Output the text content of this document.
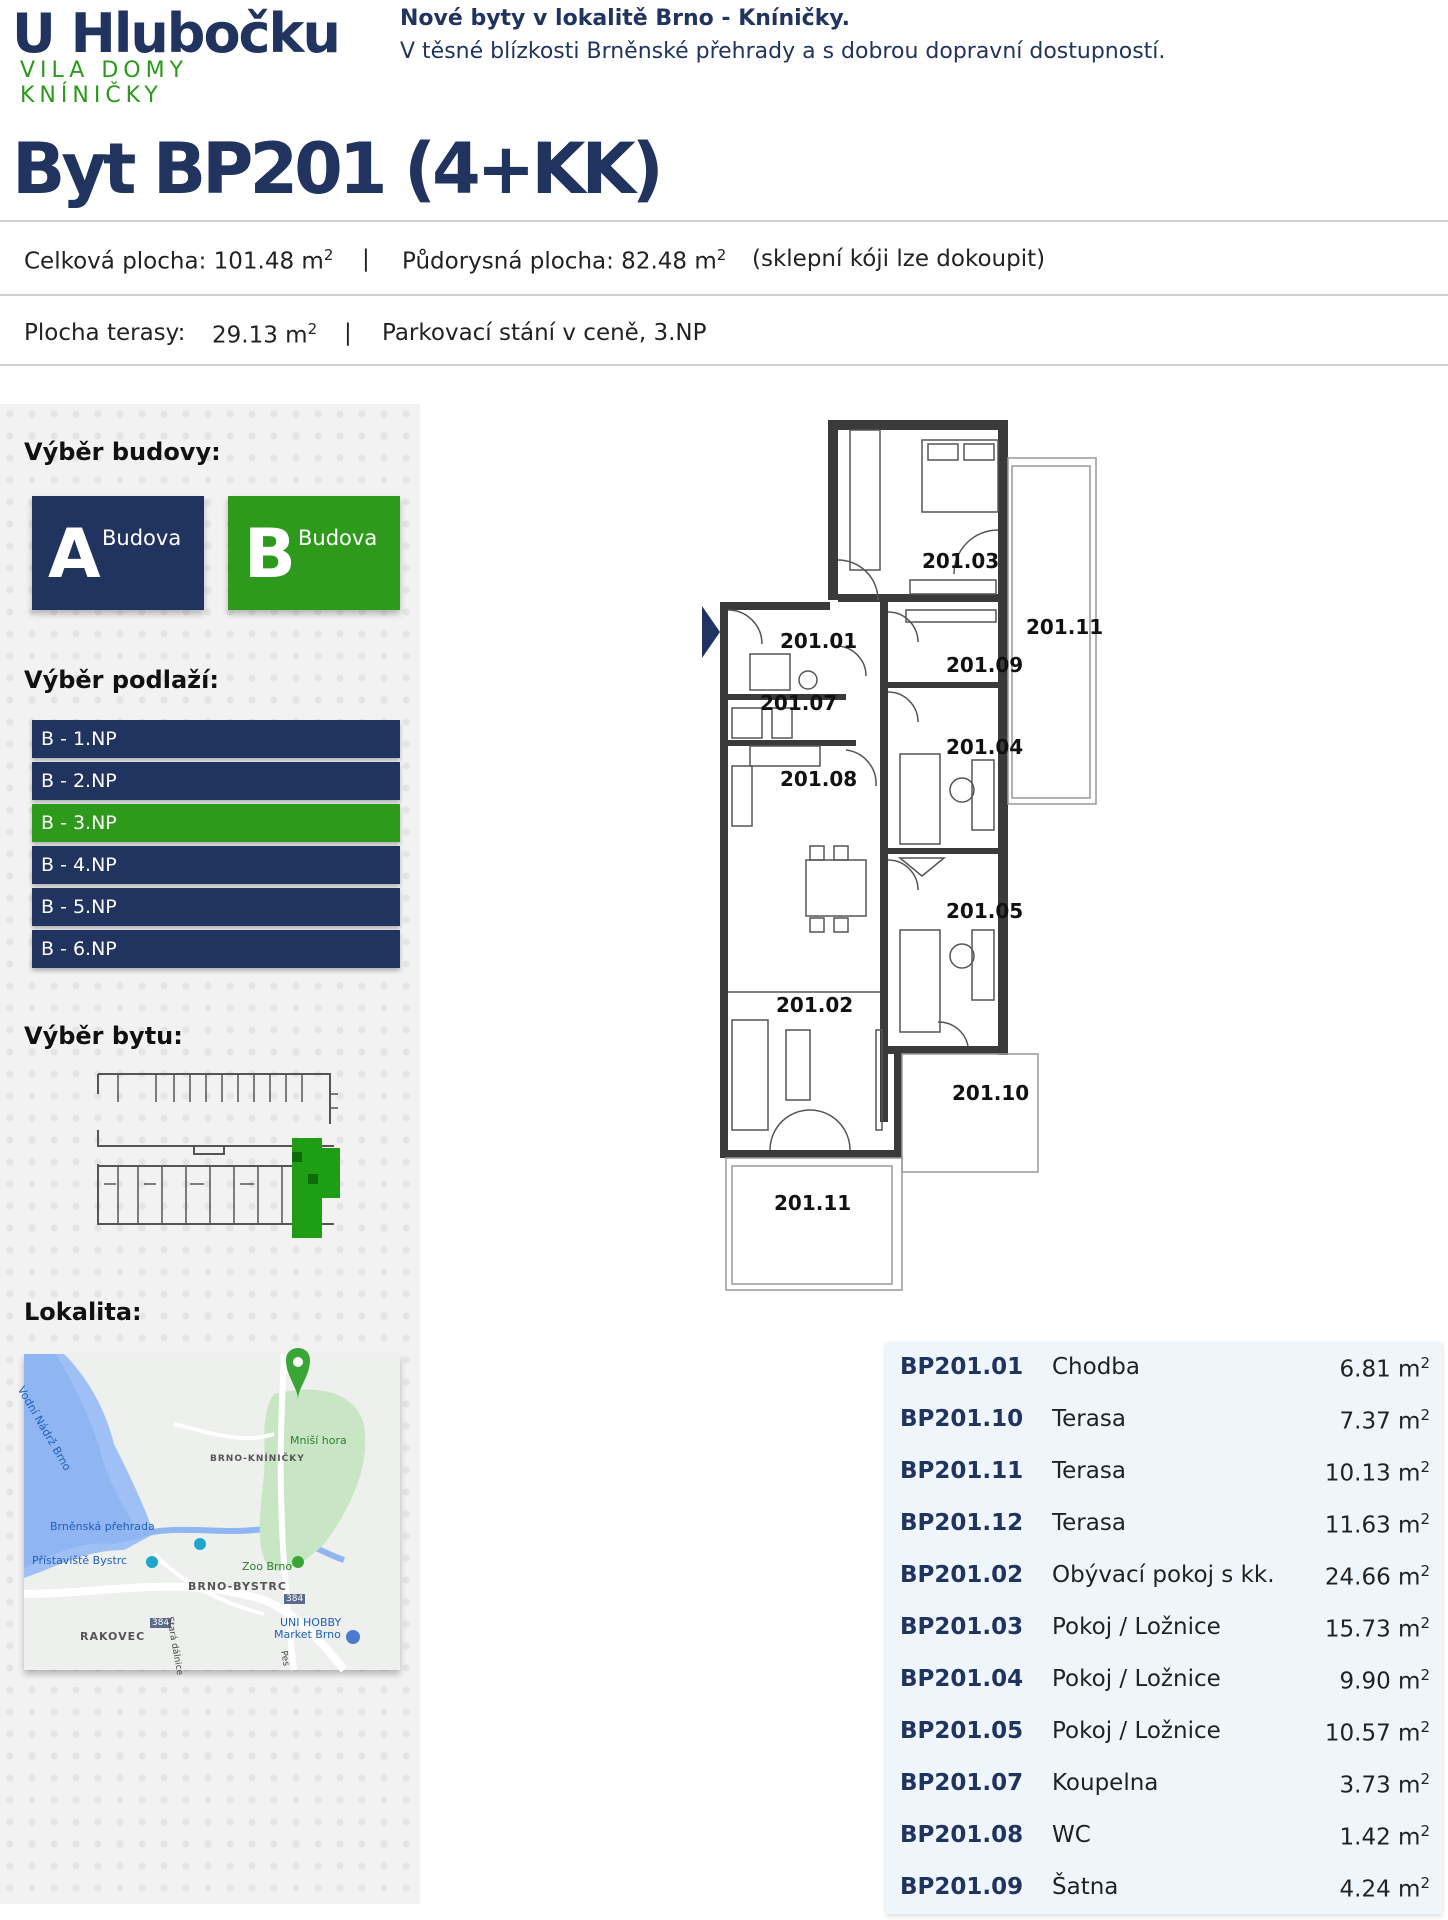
U Hlubočku
VILA DOMY KNÍNIČKY
Nové byty v lokalitě Brno - Kníničky.
V těsné blízkosti Brněnské přehrady a s dobrou dopravní dostupností.
Byt BP201 (4+KK)
Celková plocha: 101.48 $m^2$ | Půdorysná plocha: 82.48 $m^2$ (sklepní kóji lze dokoupit)
Plocha terasy: 29.13 $m^2$ | Parkovací stání v ceně, 3.NP
Výběr budovy:
A Budova B Budova
Výběr podlaží:
B - 1.NP
B - 2.NP
B - 3.NP
B - 4.NP
B - 5.NP
B - 6.NP
Výběr bytu:
Lokalita:
Vodní Nádrž Brno	Mniší hora
BRNO-KNÍNIČKY
Brněnská přehrada
Přístaviště Bystrc	Zoo Brno
BRNO-BYSTRC
384
384
RAKOVEC
UNI HOBBY
Market Brno
Stará dálnice	Pes
201.03
201.01
201.11
201.09
201.07
201.04
201.08
201.05
201.02
201.10
201.11
BP201.01 Chodba	6.81 $m^2$
BP201.10 Terasa	7.37 $m^2$
BP201.11 Terasa	10.13 $m^2$
BP201.12 Terasa	11.63 $m^2$
BP201.02 Obývací pokoj s kk. 24.66 $m^2$
BP201.03 Pokoj / Ložnice	15.73 $m^2$
BP201.04 Pokoj / Ložnice	9.90 $m^2$
BP201.05 Pokoj / Ložnice	10.57 $m^2$
BP201.07 Koupelna	3.73 $m^2$
BP201.08 WC	1.42 $m^2$
BP201.09 Šatna	4.24 $m^2$
